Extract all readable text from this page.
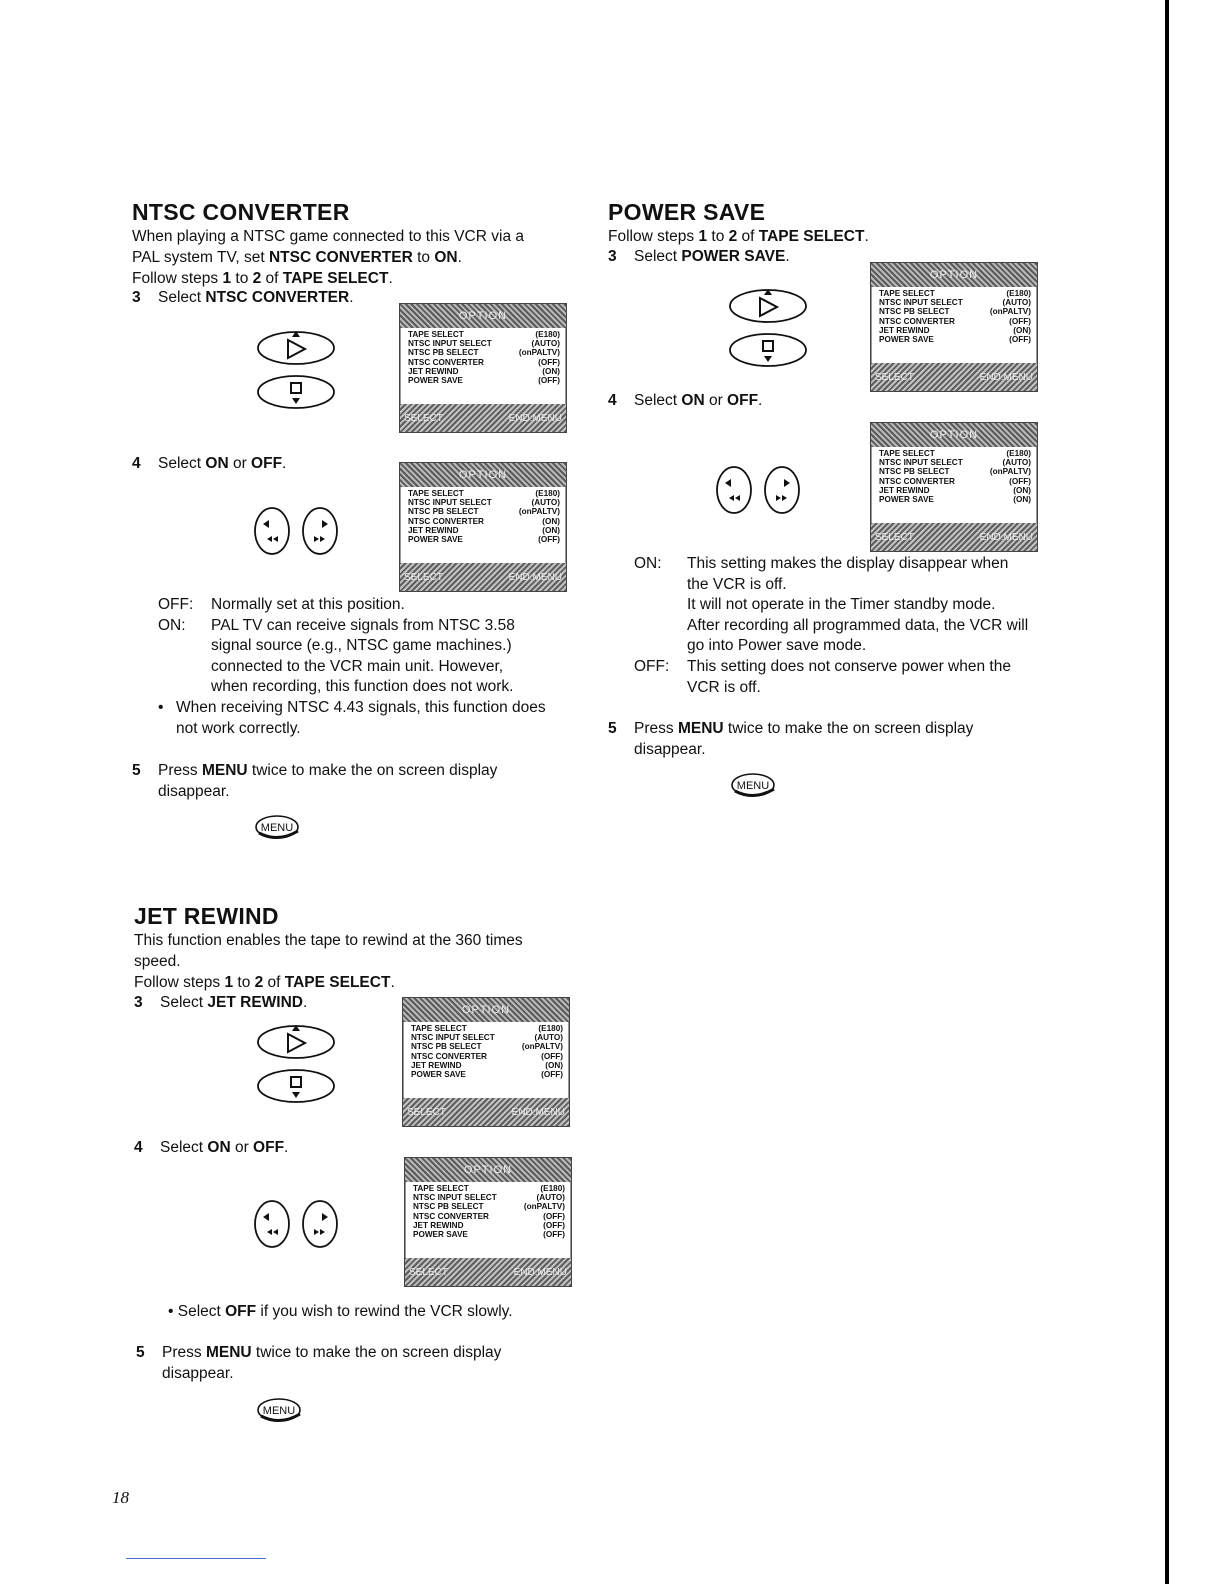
NTSC CONVERTER

When playing a NTSC game connected to this VCR via a

PAL system TV, set NTSC CONVERTER to ON.

Follow steps 1 to 2 of TAPE SELECT.

3 Select NTSC CONVERTER.
OPTION
TAPE SELECT	(E180)
NTSC INPUT SELECT	(AUTO)
NTSC PB SELECT	(onPALTV)
NTSC CONVERTER	(OFF)
JET REWIND	(ON)
POWER SAVE	(OFF)
SELECT	END:MENU
4 Select ON or OFF.
OPTION
TAPE SELECT	(E180)
NTSC INPUT SELECT	(AUTO)
NTSC PB SELECT	(onPALTV)
NTSC CONVERTER	(ON)
JET REWIND	(ON)
POWER SAVE	(OFF)
SELECT	END:MENU
OFF:	Normally set at this position.
ON:	PAL TV can receive signals from NTSC 3.58
signal source (e.g., NTSC game machines.)
connected to the VCR main unit. However,
when recording, this function does not work.
• When receiving NTSC 4.43 signals, this function does
not work correctly.
5 Press MENU twice to make the on screen display
disappear.
MENU
POWER SAVE

Follow steps 1 to 2 of TAPE SELECT.

3 Select POWER SAVE.
OPTION
TAPE SELECT	(E180)
NTSC INPUT SELECT	(AUTO)
NTSC PB SELECT	(onPALTV)
NTSC CONVERTER	(OFF)
JET REWIND	(ON)
POWER SAVE	(OFF)
SELECT	END:MENU
4 Select ON or OFF.
OPTION
TAPE SELECT	(E180)
NTSC INPUT SELECT	(AUTO)
NTSC PB SELECT	(onPALTV)
NTSC CONVERTER	(OFF)
JET REWIND	(ON)
POWER SAVE	(ON)
SELECT	END:MENU
ON:	This setting makes the display disappear when
the VCR is off.
It will not operate in the Timer standby mode.
After recording all programmed data, the VCR will
go into Power save mode.
OFF:	This setting does not conserve power when the
VCR is off.
5 Press MENU twice to make the on screen display
disappear.
MENU
JET REWIND

This function enables the tape to rewind at the 360 times

speed.

Follow steps 1 to 2 of TAPE SELECT.

3 Select JET REWIND.	OPTION
TAPE SELECT	(E180)
NTSC INPUT SELECT	(AUTO)
NTSC PB SELECT	(onPALTV)
NTSC CONVERTER	(OFF)
JET REWIND	(ON)
POWER SAVE	(OFF)
SELECT	END:MENU
4 Select ON or OFF.
OPTION
TAPE SELECT	(E180)
NTSC INPUT SELECT	(AUTO)
NTSC PB SELECT	(onPALTV)
NTSC CONVERTER	(OFF)
JET REWIND	(OFF)
POWER SAVE	(OFF)
SELECT	END:MENU
• Select OFF if you wish to rewind the VCR slowly.
5 Press MENU twice to make the on screen display
disappear.
MENU
18
